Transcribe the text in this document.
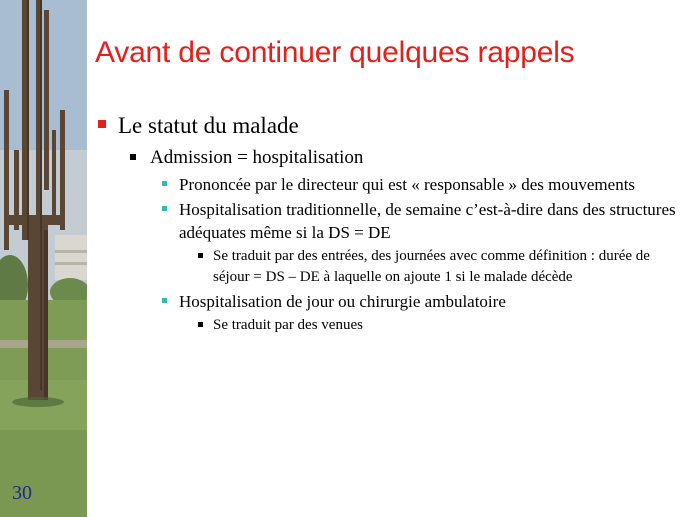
Avant de continuer quelques rappels
Le statut du malade
Admission = hospitalisation
Prononcée par le directeur qui est « responsable » des mouvements
Hospitalisation traditionnelle, de semaine c’est-à-dire dans des structures adéquates même si la DS = DE
Se traduit par des entrées, des journées avec comme définition : durée de séjour = DS – DE à laquelle on ajoute 1 si le malade décède
Hospitalisation de jour ou chirurgie ambulatoire
Se traduit par des venues
30
